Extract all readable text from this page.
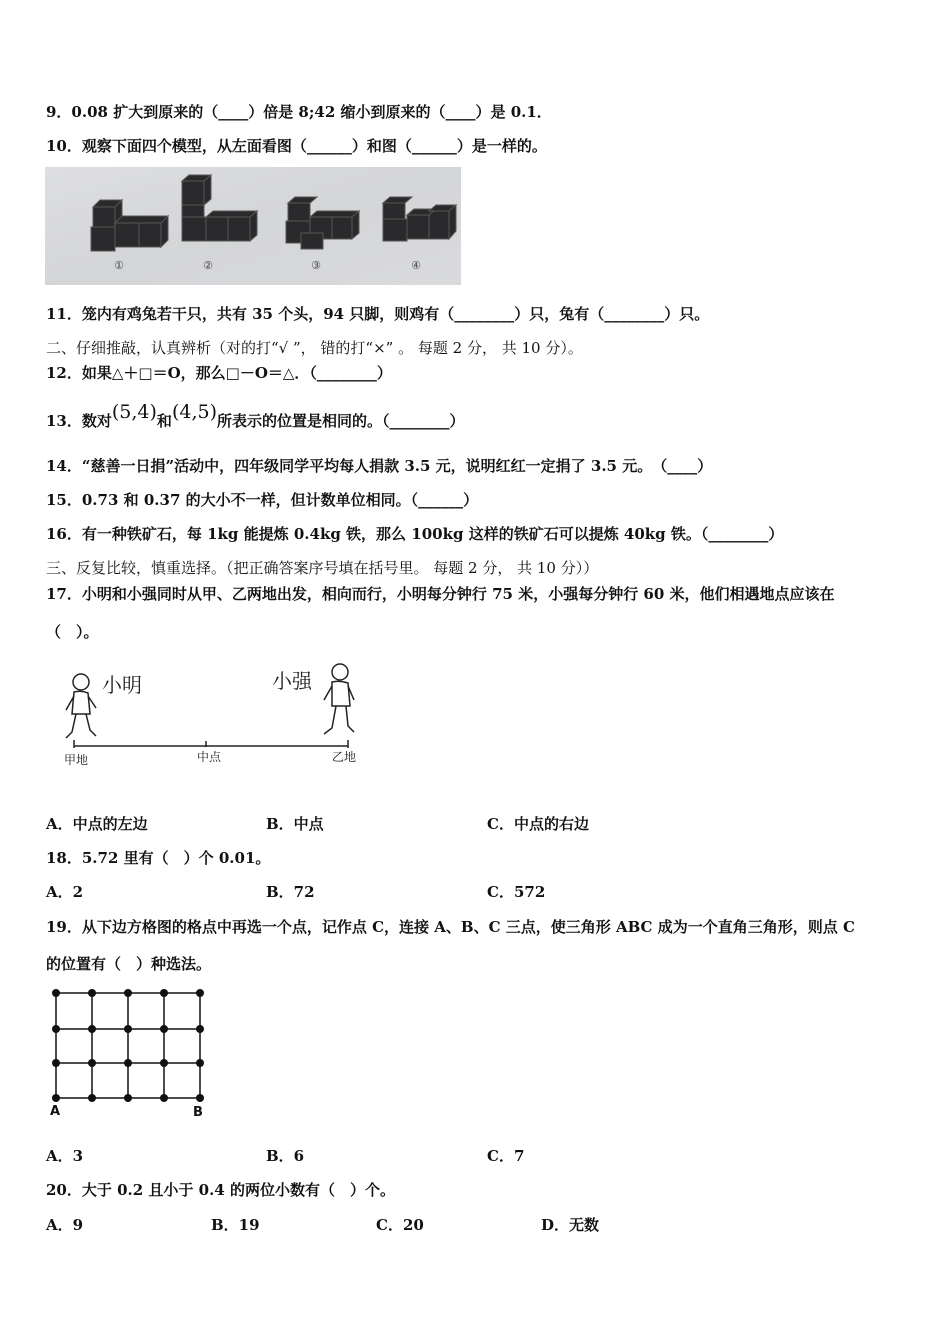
9．0.08 扩大到原来的（____）倍是 8;42 缩小到原来的（____）是 0.1．
10．观察下面四个模型，从左面看图（______）和图（______）是一样的。
①	②	③	④
11．笼内有鸡兔若干只，共有 35 个头，94 只脚，则鸡有（________）只，兔有（________）只。
二、仔细推敲，认真辨析（对的打“√ ”， 错的打“×” 。 每题 2 分， 共 10 分）。
12．如果△＋□＝O，那么□－O＝△．（________）
13．数对(5,4)和(4,5)所表示的位置是相同的。（________）
14．“慈善一日捐”活动中，四年级同学平均每人捐款 3.5 元，说明红红一定捐了 3.5 元。　（____）
15．0.73 和 0.37 的大小不一样，但计数单位相同。（______）
16．有一种铁矿石，每 1kg 能提炼 0.4kg 铁，那么 100kg 这样的铁矿石可以提炼 40kg 铁。（________）
三、反复比较，慎重选择。（把正确答案序号填在括号里。 每题 2 分， 共 10 分））
17．小明和小强同时从甲、乙两地出发，相向而行，小明每分钟行 75 米，小强每分钟行 60 米，他们相遇地点应该在
（　）。
小明	小强
甲地	中点	乙地
A．中点的左边	B．中点	C．中点的右边
18．5.72 里有（　）个 0.01。
A．2	B．72	C．572
19．从下边方格图的格点中再选一个点，记作点 C，连接 A、B、C 三点，使三角形 ABC 成为一个直角三角形，则点 C
的位置有（　）种选法。
A	B
A．3	B．6	C．7
20．大于 0.2 且小于 0.4 的两位小数有（　）个。
A．9	B．19	C．20	D．无数
